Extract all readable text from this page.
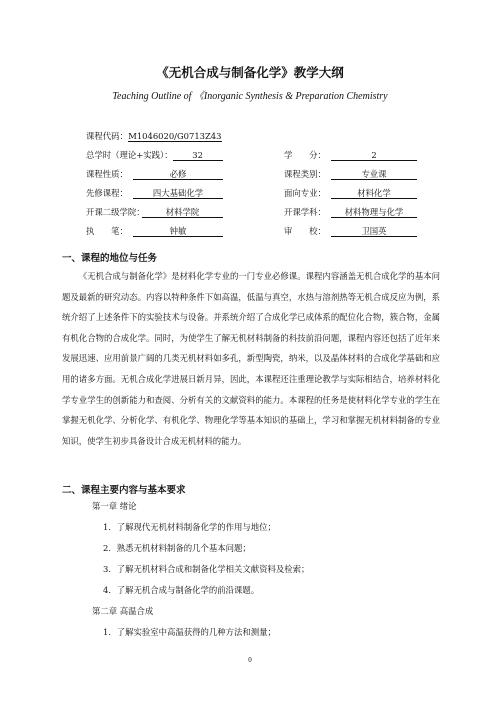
《无机合成与制备化学》教学大纲
Teaching Outline of 《Inorganic Synthesis & Preparation Chemistry
课程代码：M1046020/G0713Z43
总学时（理论+实践）： 32	学　　分：	2
课程性质：	必修	课程类别：	专业课
先修课程：	四大基础化学	面向专业：	材料化学
开课二级学院：	材料学院	开课学科： 材料物理与化学
执　　笔：	钟敏	审　　校：	卫国英
一、课程的地位与任务

《无机合成与制备化学》是材料化学专业的一门专业必修课。课程内容涵盖无机合成化学的基本问题及最新的研究动态。内容以特种条件下如高温，低温与真空，水热与溶剂热等无机合成反应为例，系统介绍了上述条件下的实验技术与设备。并系统介绍了合成化学已成体系的配位化合物，簇合物，金属有机化合物的合成化学。同时，为使学生了解无机材料制备的科技前沿问题，课程内容还包括了近年来发展迅速、应用前景广阔的几类无机材料如多孔，新型陶瓷，纳米，以及晶体材料的合成化学基础和应用的诸多方面。无机合成化学进展日新月异，因此，本课程还注重理论教学与实际相结合，培养材料化学专业学生的创新能力和查阅、分析有关的文献资料的能力。本课程的任务是使材料化学专业的学生在掌握无机化学、分析化学、有机化学、物理化学等基本知识的基础上，学习和掌握无机材料制备的专业知识，使学生初步具备设计合成无机材料的能力。

二、课程主要内容与基本要求
第一章 绪论
1．了解现代无机材料制备化学的作用与地位；
2．熟悉无机材料制备的几个基本问题；
3．了解无机材料合成和制备化学相关文献资料及检索；
4．了解无机合成与制备化学的前沿课题。
第二章 高温合成
1．了解实验室中高温获得的几种方法和测量；
0
